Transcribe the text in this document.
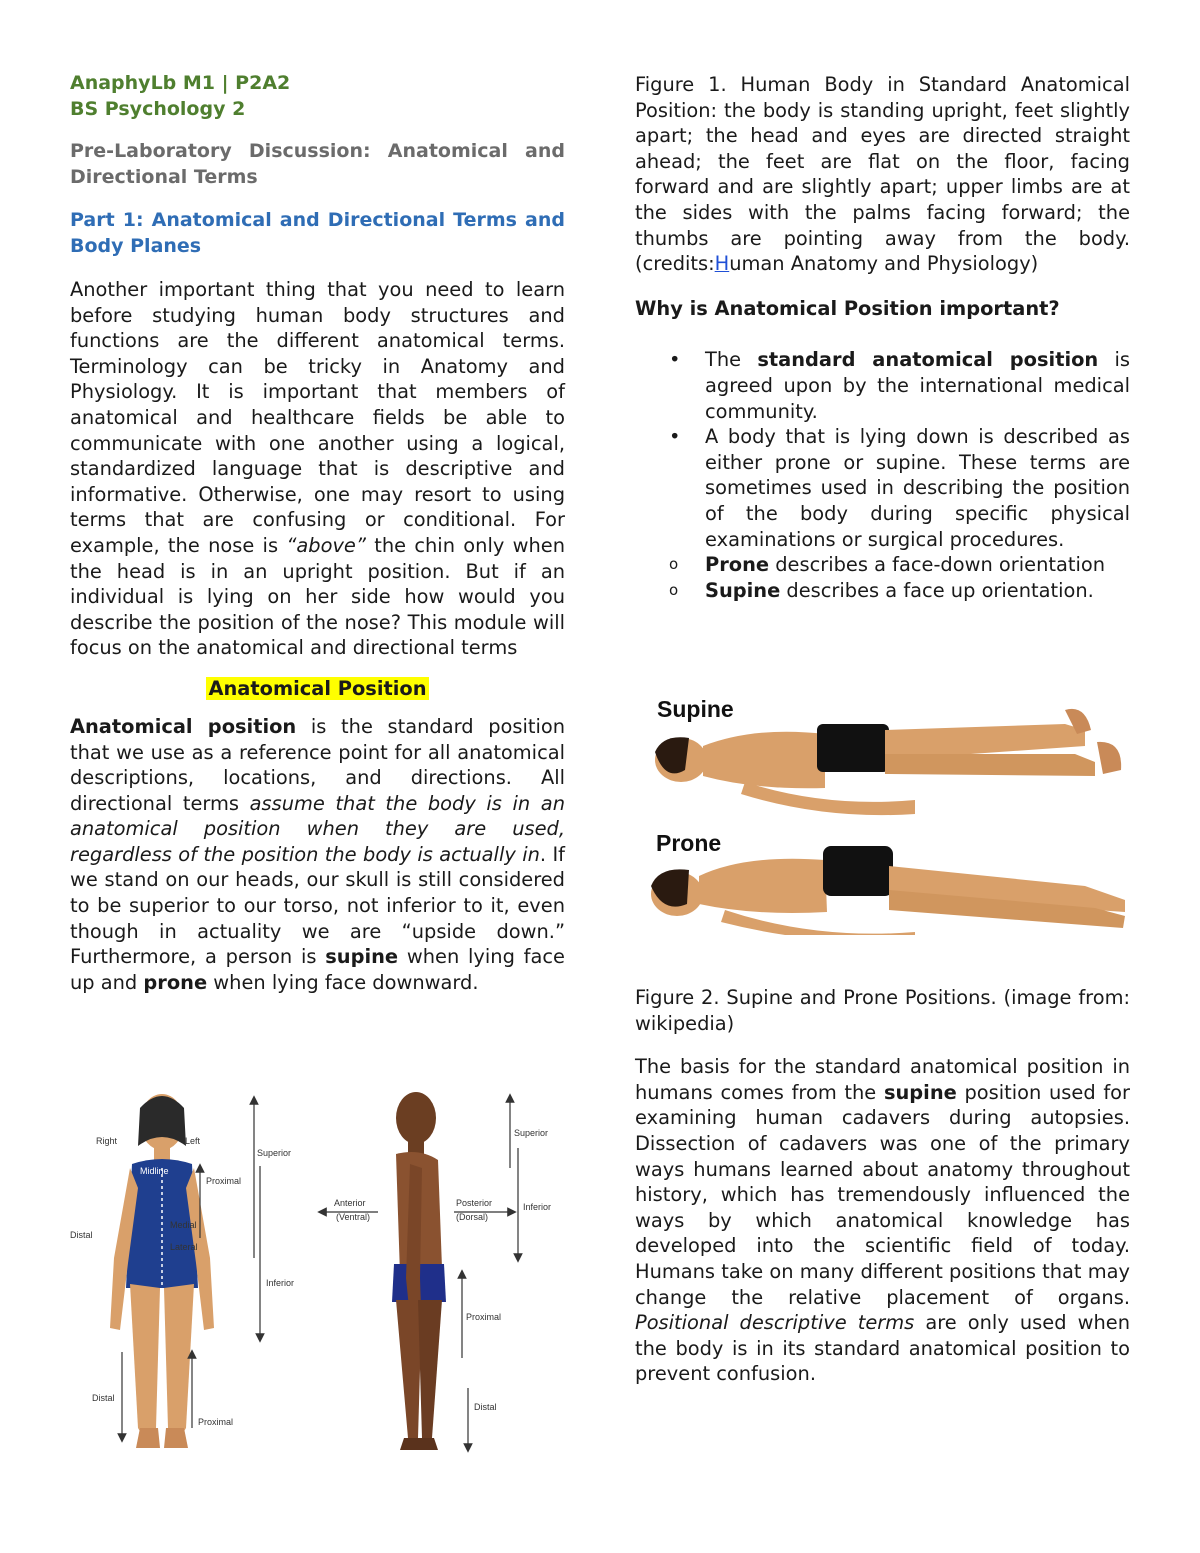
AnaphyLb M1 | P2A2

BS Psychology 2

Pre-Laboratory Discussion: Anatomical and Directional Terms

Part 1: Anatomical and Directional Terms and Body Planes

Another important thing that you need to learn before studying human body structures and functions are the different anatomical terms. Terminology can be tricky in Anatomy and Physiology. It is important that members of anatomical and healthcare fields be able to communicate with one another using a logical, standardized language that is descriptive and informative. Otherwise, one may resort to using terms that are confusing or conditional. For example, the nose is “above” the chin only when the head is in an upright position. But if an individual is lying on her side how would you describe the position of the nose? This module will focus on the anatomical and directional terms

Anatomical Position

Anatomical position is the standard position that we use as a reference point for all anatomical descriptions, locations, and directions. All directional terms assume that the body is in an anatomical position when they are used, regardless of the position the body is actually in. If we stand on our heads, our skull is still considered to be superior to our torso, not inferior to it, even though in actuality we are “upside down.” Furthermore, a person is supine when lying face up and prone when lying face downward.

Right	Left
Midline
Proximal
Medial
Lateral
Distal
Distal
Proximal
Superior
Inferior
Anterior
(Ventral)
Posterior
(Dorsal)
Superior
Inferior
Proximal
Distal

Figure 1. Human Body in Standard Anatomical Position: the body is standing upright, feet slightly apart; the head and eyes are directed straight ahead; the feet are flat on the floor, facing forward and are slightly apart; upper limbs are at the sides with the palms facing forward; the thumbs are pointing away from the body. (credits:Human Anatomy and Physiology)

Why is Anatomical Position important?

• The standard anatomical position is agreed upon by the international medical community.
• A body that is lying down is described as either prone or supine. These terms are sometimes used in describing the position of the body during specific physical examinations or surgical procedures.
o Prone describes a face-down orientation
o Supine describes a face up orientation.
Supine
Prone

Figure 2. Supine and Prone Positions. (image from: wikipedia)

The basis for the standard anatomical position in humans comes from the supine position used for examining human cadavers during autopsies. Dissection of cadavers was one of the primary ways humans learned about anatomy throughout history, which has tremendously influenced the ways by which anatomical knowledge has developed into the scientific field of today. Humans take on many different positions that may change the relative placement of organs. Positional descriptive terms are only used when the body is in its standard anatomical position to prevent confusion.
